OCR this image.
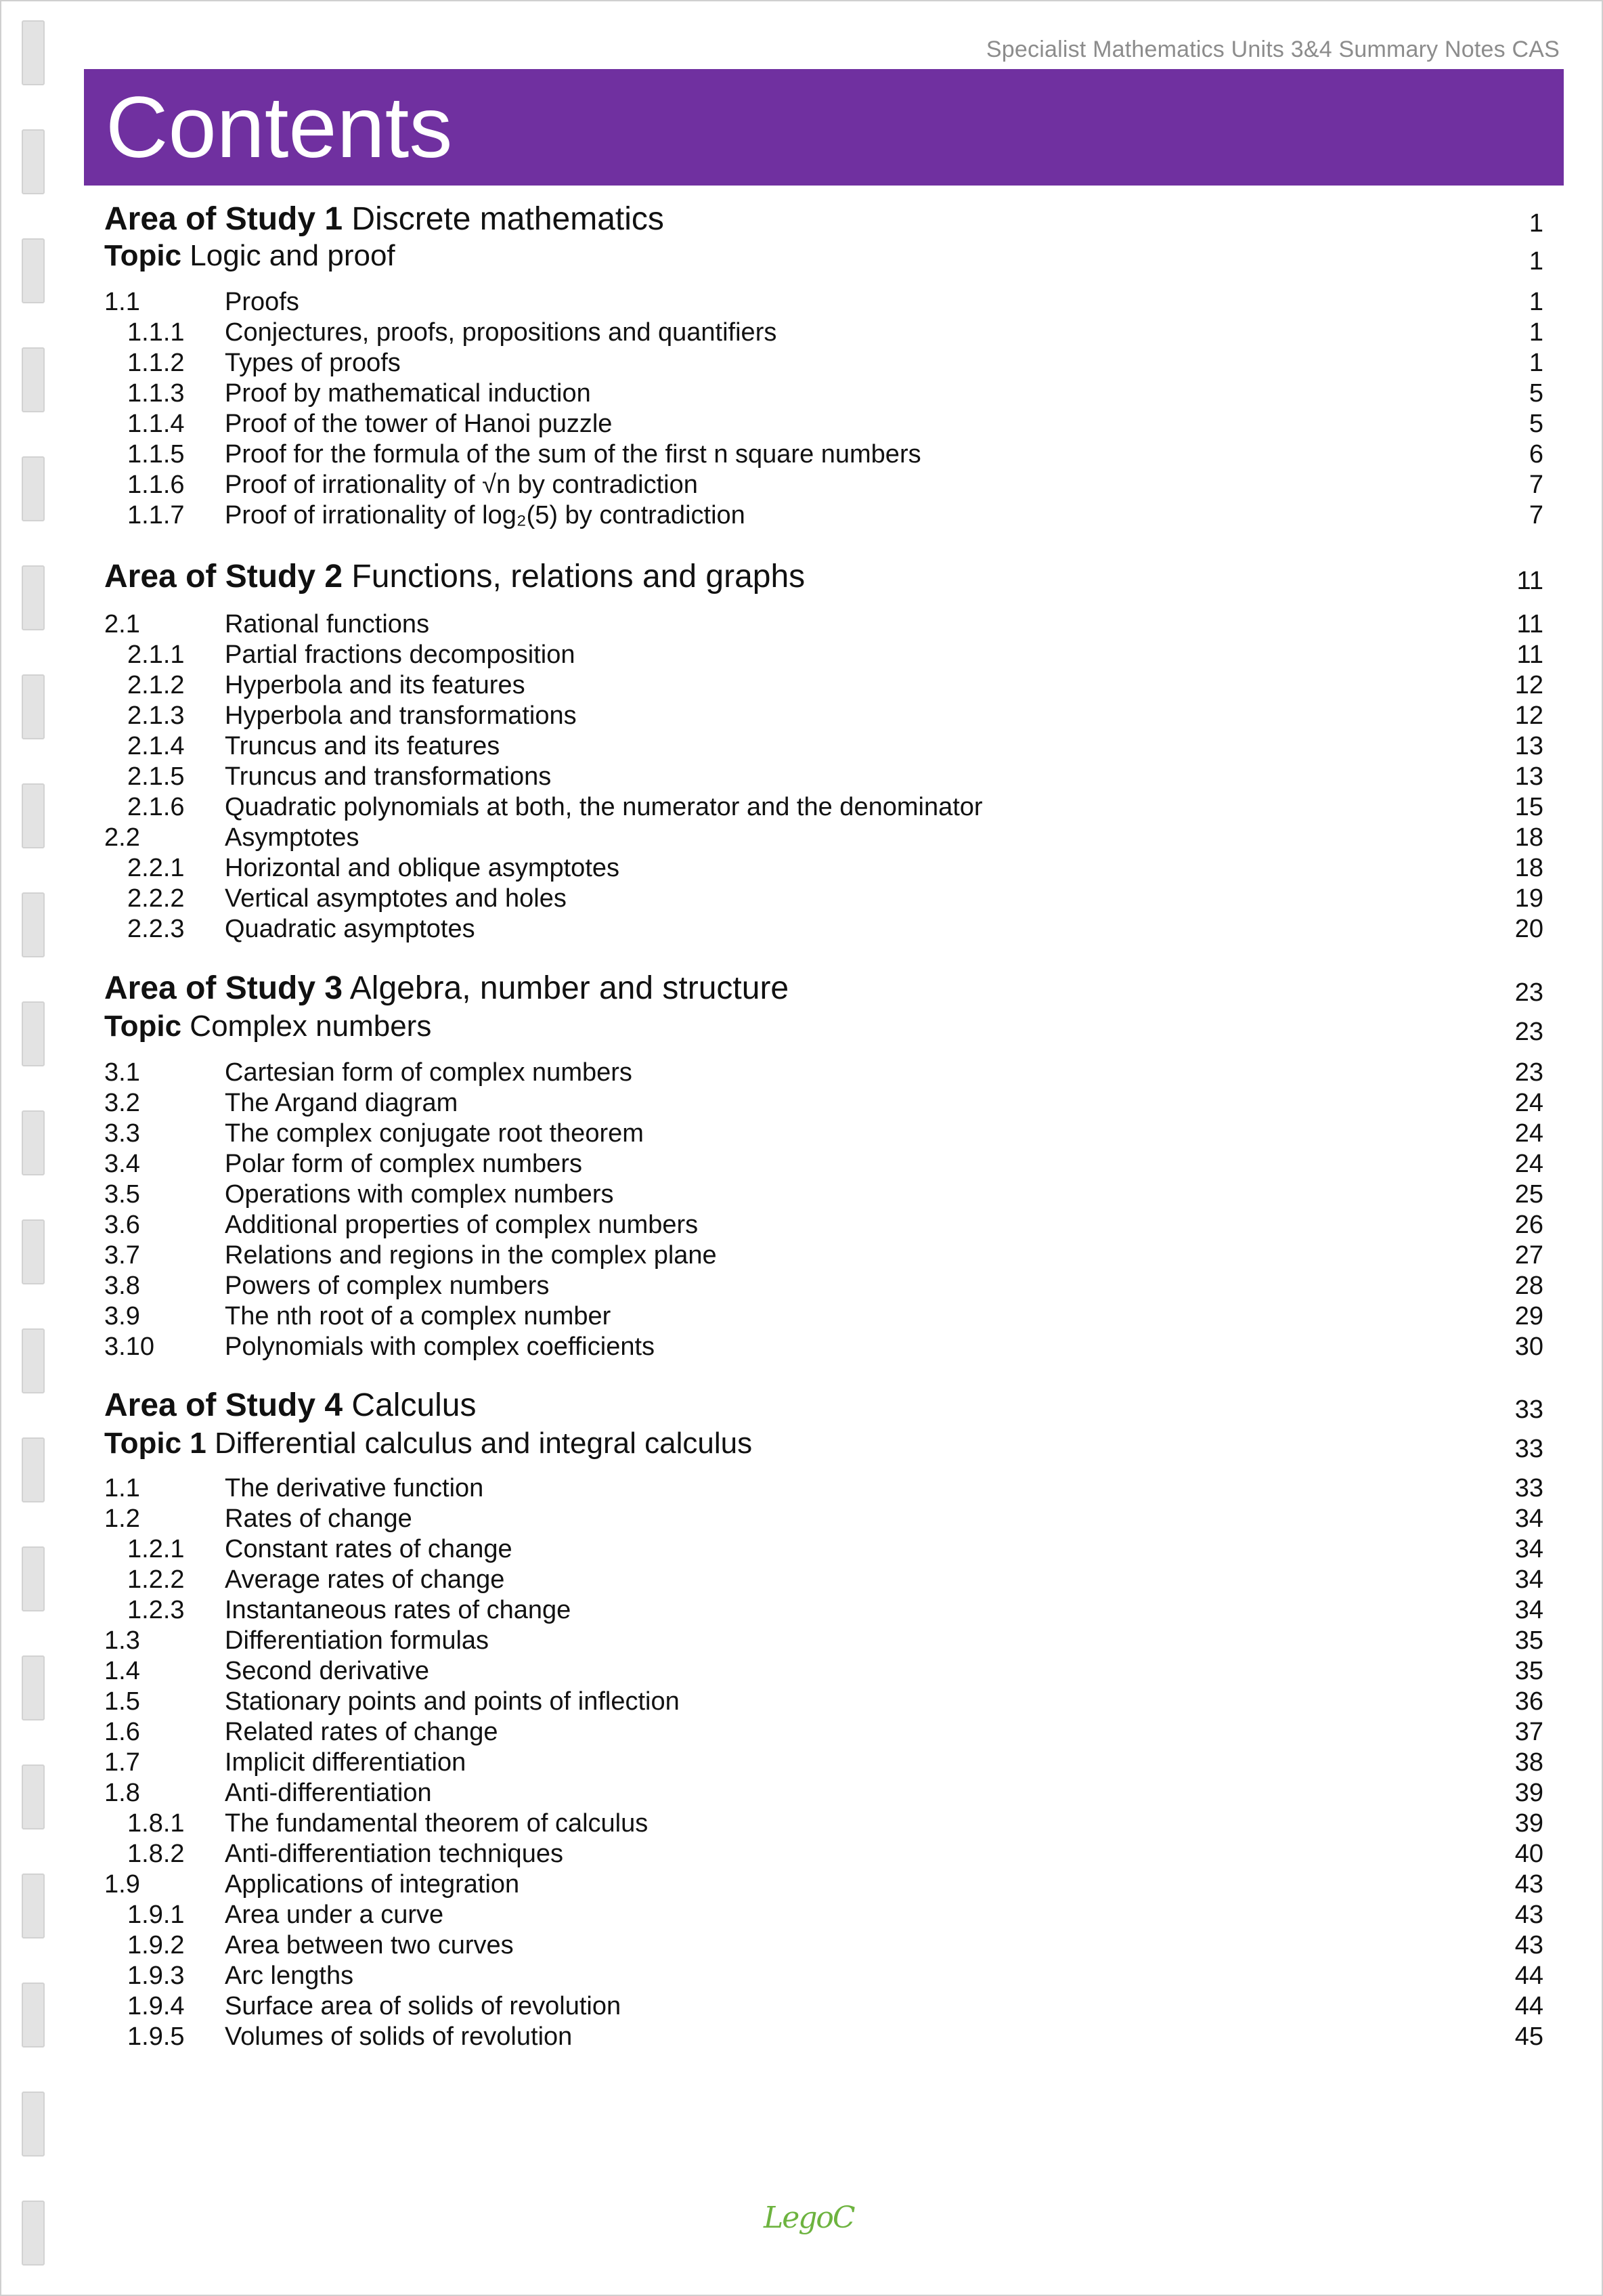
Specialist Mathematics Units 3&4 Summary Notes CAS
Contents
Area of Study 1 Discrete mathematics	1
Topic Logic and proof	1
1.1	Proofs	1
1.1.1 Conjectures, proofs, propositions and quantifiers	1
1.1.2 Types of proofs	1
1.1.3 Proof by mathematical induction	5
1.1.4 Proof of the tower of Hanoi puzzle	5
1.1.5 Proof for the formula of the sum of the first n square numbers	6
1.1.6 Proof of irrationality of √n by contradiction	7
1.1.7 Proof of irrationality of log₂(5) by contradiction	7
Area of Study 2 Functions, relations and graphs	11
2.1	Rational functions	11
2.1.1 Partial fractions decomposition	11
2.1.2 Hyperbola and its features	12
2.1.3 Hyperbola and transformations	12
2.1.4 Truncus and its features	13
2.1.5 Truncus and transformations	13
2.1.6 Quadratic polynomials at both, the numerator and the denominator	15
2.2	Asymptotes	18
2.2.1 Horizontal and oblique asymptotes	18
2.2.2 Vertical asymptotes and holes	19
2.2.3 Quadratic asymptotes	20
Area of Study 3 Algebra, number and structure	23
Topic Complex numbers	23
3.1	Cartesian form of complex numbers	23
3.2	The Argand diagram	24
3.3	The complex conjugate root theorem	24
3.4	Polar form of complex numbers	24
3.5	Operations with complex numbers	25
3.6	Additional properties of complex numbers	26
3.7	Relations and regions in the complex plane	27
3.8	Powers of complex numbers	28
3.9	The nth root of a complex number	29
3.10	Polynomials with complex coefficients	30
Area of Study 4 Calculus	33
Topic 1 Differential calculus and integral calculus	33
1.1	The derivative function	33
1.2	Rates of change	34
1.2.1 Constant rates of change	34
1.2.2 Average rates of change	34
1.2.3 Instantaneous rates of change	34
1.3	Differentiation formulas	35
1.4	Second derivative	35
1.5	Stationary points and points of inflection	36
1.6	Related rates of change	37
1.7	Implicit differentiation	38
1.8	Anti-differentiation	39
1.8.1 The fundamental theorem of calculus	39
1.8.2 Anti-differentiation techniques	40
1.9	Applications of integration	43
1.9.1 Area under a curve	43
1.9.2 Area between two curves	43
1.9.3 Arc lengths	44
1.9.4 Surface area of solids of revolution	44
1.9.5 Volumes of solids of revolution	45
LegoC
